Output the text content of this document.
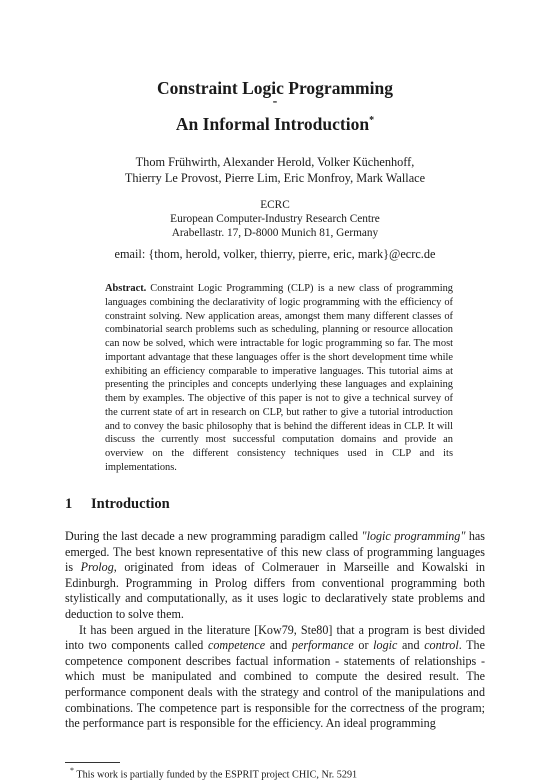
Constraint Logic Programming
-
An Informal Introduction*
Thom Frühwirth, Alexander Herold, Volker Küchenhoff,
Thierry Le Provost, Pierre Lim, Eric Monfroy, Mark Wallace
ECRC
European Computer-Industry Research Centre
Arabellastr. 17, D-8000 Munich 81, Germany
email: {thom, herold, volker, thierry, pierre, eric, mark}@ecrc.de
Abstract. Constraint Logic Programming (CLP) is a new class of programming languages combining the declarativity of logic programming with the efficiency of constraint solving. New application areas, amongst them many different classes of combinatorial search problems such as scheduling, planning or resource allocation can now be solved, which were intractable for logic programming so far. The most important advantage that these languages offer is the short development time while exhibiting an efficiency comparable to imperative languages. This tutorial aims at presenting the principles and concepts underlying these languages and explaining them by examples. The objective of this paper is not to give a technical survey of the current state of art in research on CLP, but rather to give a tutorial introduction and to convey the basic philosophy that is behind the different ideas in CLP. It will discuss the currently most successful computation domains and provide an overview on the different consistency techniques used in CLP and its implementations.
1 Introduction

During the last decade a new programming paradigm called "logic programming" has emerged. The best known representative of this new class of programming languages is Prolog, originated from ideas of Colmerauer in Marseille and Kowalski in Edinburgh. Programming in Prolog differs from conventional programming both stylistically and computationally, as it uses logic to declaratively state problems and deduction to solve them.

It has been argued in the literature [Kow79, Ste80] that a program is best divided into two components called competence and performance or logic and control. The competence component describes factual information - statements of relationships - which must be manipulated and combined to compute the desired result. The performance component deals with the strategy and control of the manipulations and combinations. The competence part is responsible for the correctness of the program; the performance part is responsible for the efficiency. An ideal programming

* This work is partially funded by the ESPRIT project CHIC, Nr. 5291
